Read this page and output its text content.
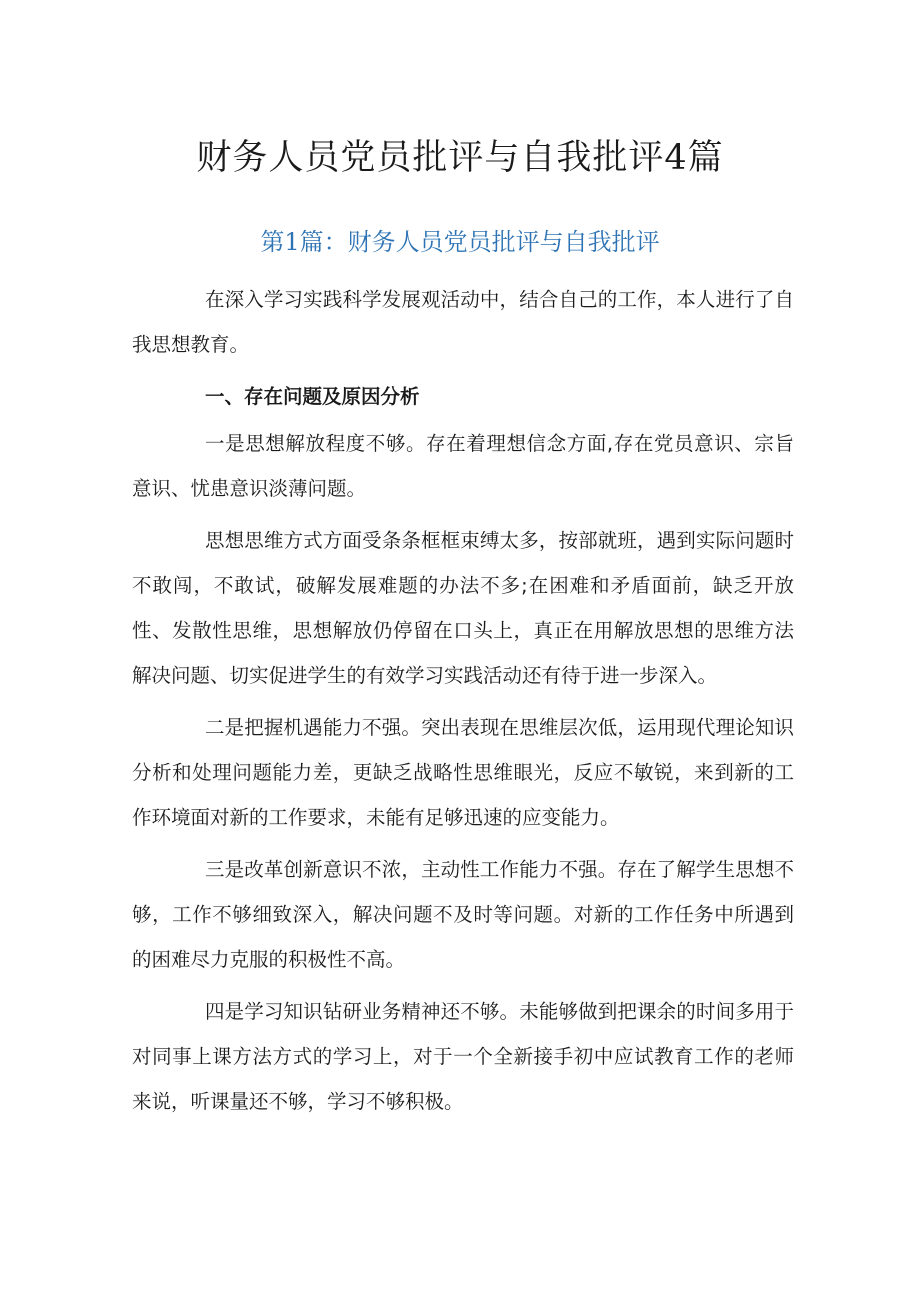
财务人员党员批评与自我批评4篇
第1篇：财务人员党员批评与自我批评

在深入学习实践科学发展观活动中，结合自己的工作，本人进行了自我思想教育。

一、存在问题及原因分析

一是思想解放程度不够。存在着理想信念方面,存在党员意识、宗旨意识、忧患意识淡薄问题。

思想思维方式方面受条条框框束缚太多，按部就班，遇到实际问题时不敢闯，不敢试，破解发展难题的办法不多;在困难和矛盾面前，缺乏开放性、发散性思维，思想解放仍停留在口头上，真正在用解放思想的思维方法解决问题、切实促进学生的有效学习实践活动还有待于进一步深入。

二是把握机遇能力不强。突出表现在思维层次低，运用现代理论知识分析和处理问题能力差，更缺乏战略性思维眼光，反应不敏锐，来到新的工作环境面对新的工作要求，未能有足够迅速的应变能力。

三是改革创新意识不浓，主动性工作能力不强。存在了解学生思想不够，工作不够细致深入，解决问题不及时等问题。对新的工作任务中所遇到的困难尽力克服的积极性不高。

四是学习知识钻研业务精神还不够。未能够做到把课余的时间多用于对同事上课方法方式的学习上，对于一个全新接手初中应试教育工作的老师来说，听课量还不够，学习不够积极。
